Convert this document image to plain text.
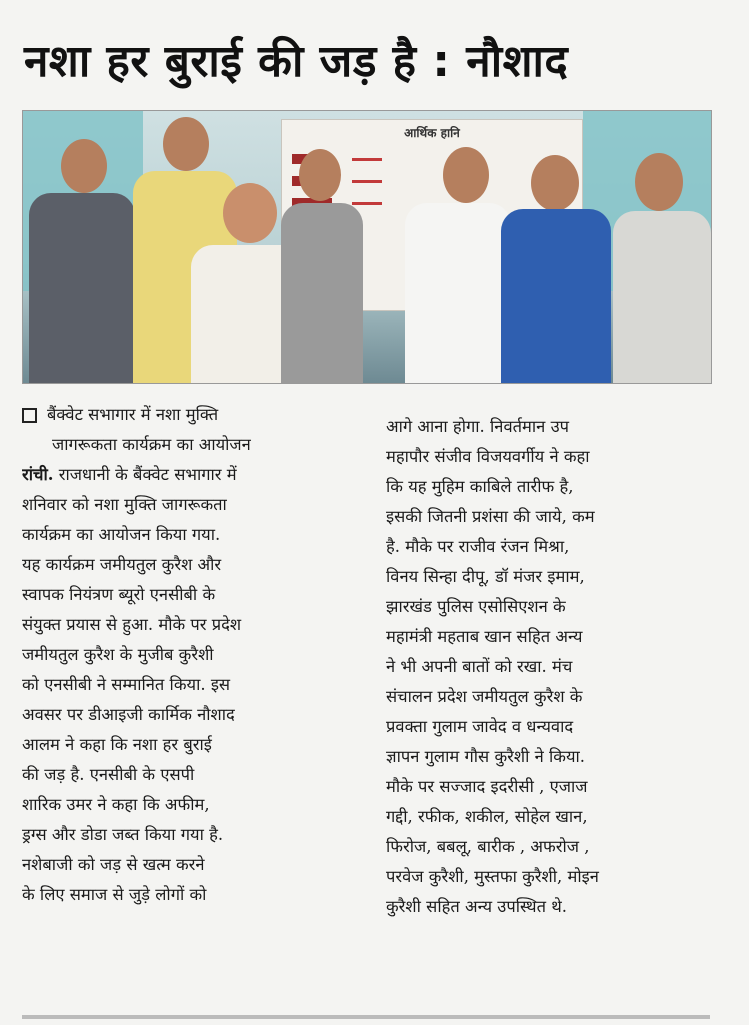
नशा हर बुराई की जड़ है : नौशाद
आर्थिक हानि
बैंक्वेट सभागार में नशा मुक्ति
जागरूकता कार्यक्रम का आयोजन
रांची. राजधानी के बैंक्वेट सभागार में
शनिवार को नशा मुक्ति जागरूकता
कार्यक्रम का आयोजन किया गया.
यह कार्यक्रम जमीयतुल कुरैश और
स्वापक नियंत्रण ब्यूरो एनसीबी के
संयुक्त प्रयास से हुआ. मौके पर प्रदेश
जमीयतुल कुरैश के मुजीब कुरैशी
को एनसीबी ने सम्मानित किया. इस
अवसर पर डीआइजी कार्मिक नौशाद
आलम ने कहा कि नशा हर बुराई
की जड़ है. एनसीबी के एसपी
शारिक उमर ने कहा कि अफीम,
ड्रग्स और डोडा जब्त किया गया है.
नशेबाजी को जड़ से खत्म करने
के लिए समाज से जुड़े लोगों को
आगे आना होगा. निवर्तमान उप
महापौर संजीव विजयवर्गीय ने कहा
कि यह मुहिम काबिले तारीफ है,
इसकी जितनी प्रशंसा की जाये, कम
है. मौके पर राजीव रंजन मिश्रा,
विनय सिन्हा दीपू, डॉ मंजर इमाम,
झारखंड पुलिस एसोसिएशन के
महामंत्री महताब खान सहित अन्य
ने भी अपनी बातों को रखा. मंच
संचालन प्रदेश जमीयतुल कुरैश के
प्रवक्ता गुलाम जावेद व धन्यवाद
ज्ञापन गुलाम गौस कुरैशी ने किया.
मौके पर सज्जाद इदरीसी , एजाज
गद्दी, रफीक, शकील, सोहेल खान,
फिरोज, बबलू, बारीक , अफरोज ,
परवेज कुरैशी, मुस्तफा कुरैशी, मोइन
कुरैशी सहित अन्य उपस्थित थे.
